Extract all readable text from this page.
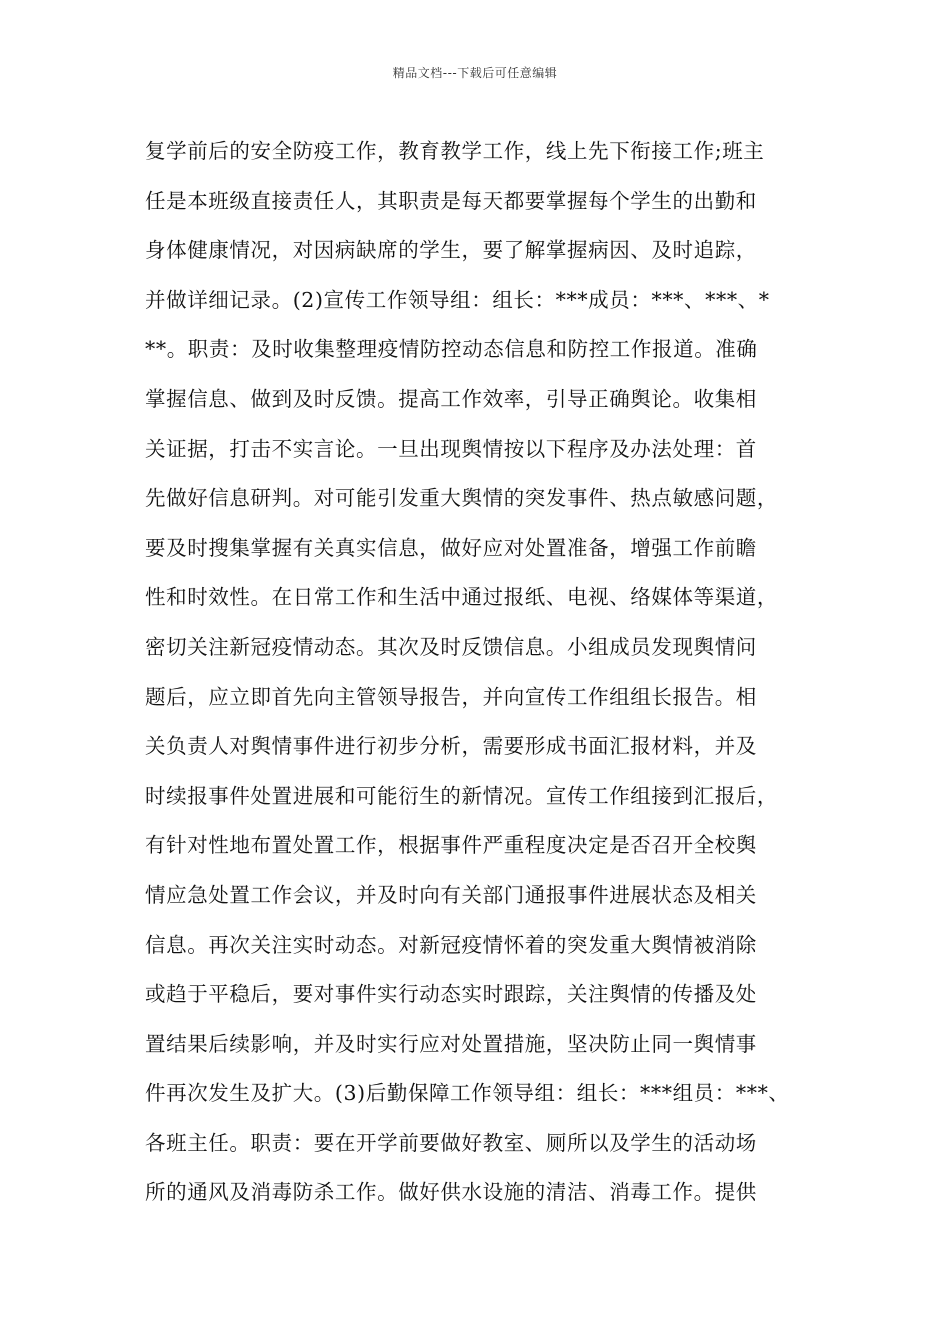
精品文档---下载后可任意编辑
复学前后的安全防疫工作，教育教学工作，线上先下衔接工作;班主
任是本班级直接责任人，其职责是每天都要掌握每个学生的出勤和
身体健康情况，对因病缺席的学生，要了解掌握病因、及时追踪，
并做详细记录。(2)宣传工作领导组：组长：***成员：***、***、*
**。职责：及时收集整理疫情防控动态信息和防控工作报道。准确
掌握信息、做到及时反馈。提高工作效率，引导正确舆论。收集相
关证据，打击不实言论。一旦出现舆情按以下程序及办法处理：首
先做好信息研判。对可能引发重大舆情的突发事件、热点敏感问题，
要及时搜集掌握有关真实信息，做好应对处置准备，增强工作前瞻
性和时效性。在日常工作和生活中通过报纸、电视、络媒体等渠道，
密切关注新冠疫情动态。其次及时反馈信息。小组成员发现舆情问
题后，应立即首先向主管领导报告，并向宣传工作组组长报告。相
关负责人对舆情事件进行初步分析，需要形成书面汇报材料，并及
时续报事件处置进展和可能衍生的新情况。宣传工作组接到汇报后，
有针对性地布置处置工作，根据事件严重程度决定是否召开全校舆
情应急处置工作会议，并及时向有关部门通报事件进展状态及相关
信息。再次关注实时动态。对新冠疫情怀着的突发重大舆情被消除
或趋于平稳后，要对事件实行动态实时跟踪，关注舆情的传播及处
置结果后续影响，并及时实行应对处置措施，坚决防止同一舆情事
件再次发生及扩大。(3)后勤保障工作领导组：组长：***组员：***、
各班主任。职责：要在开学前要做好教室、厕所以及学生的活动场
所的通风及消毒防杀工作。做好供水设施的清洁、消毒工作。提供
